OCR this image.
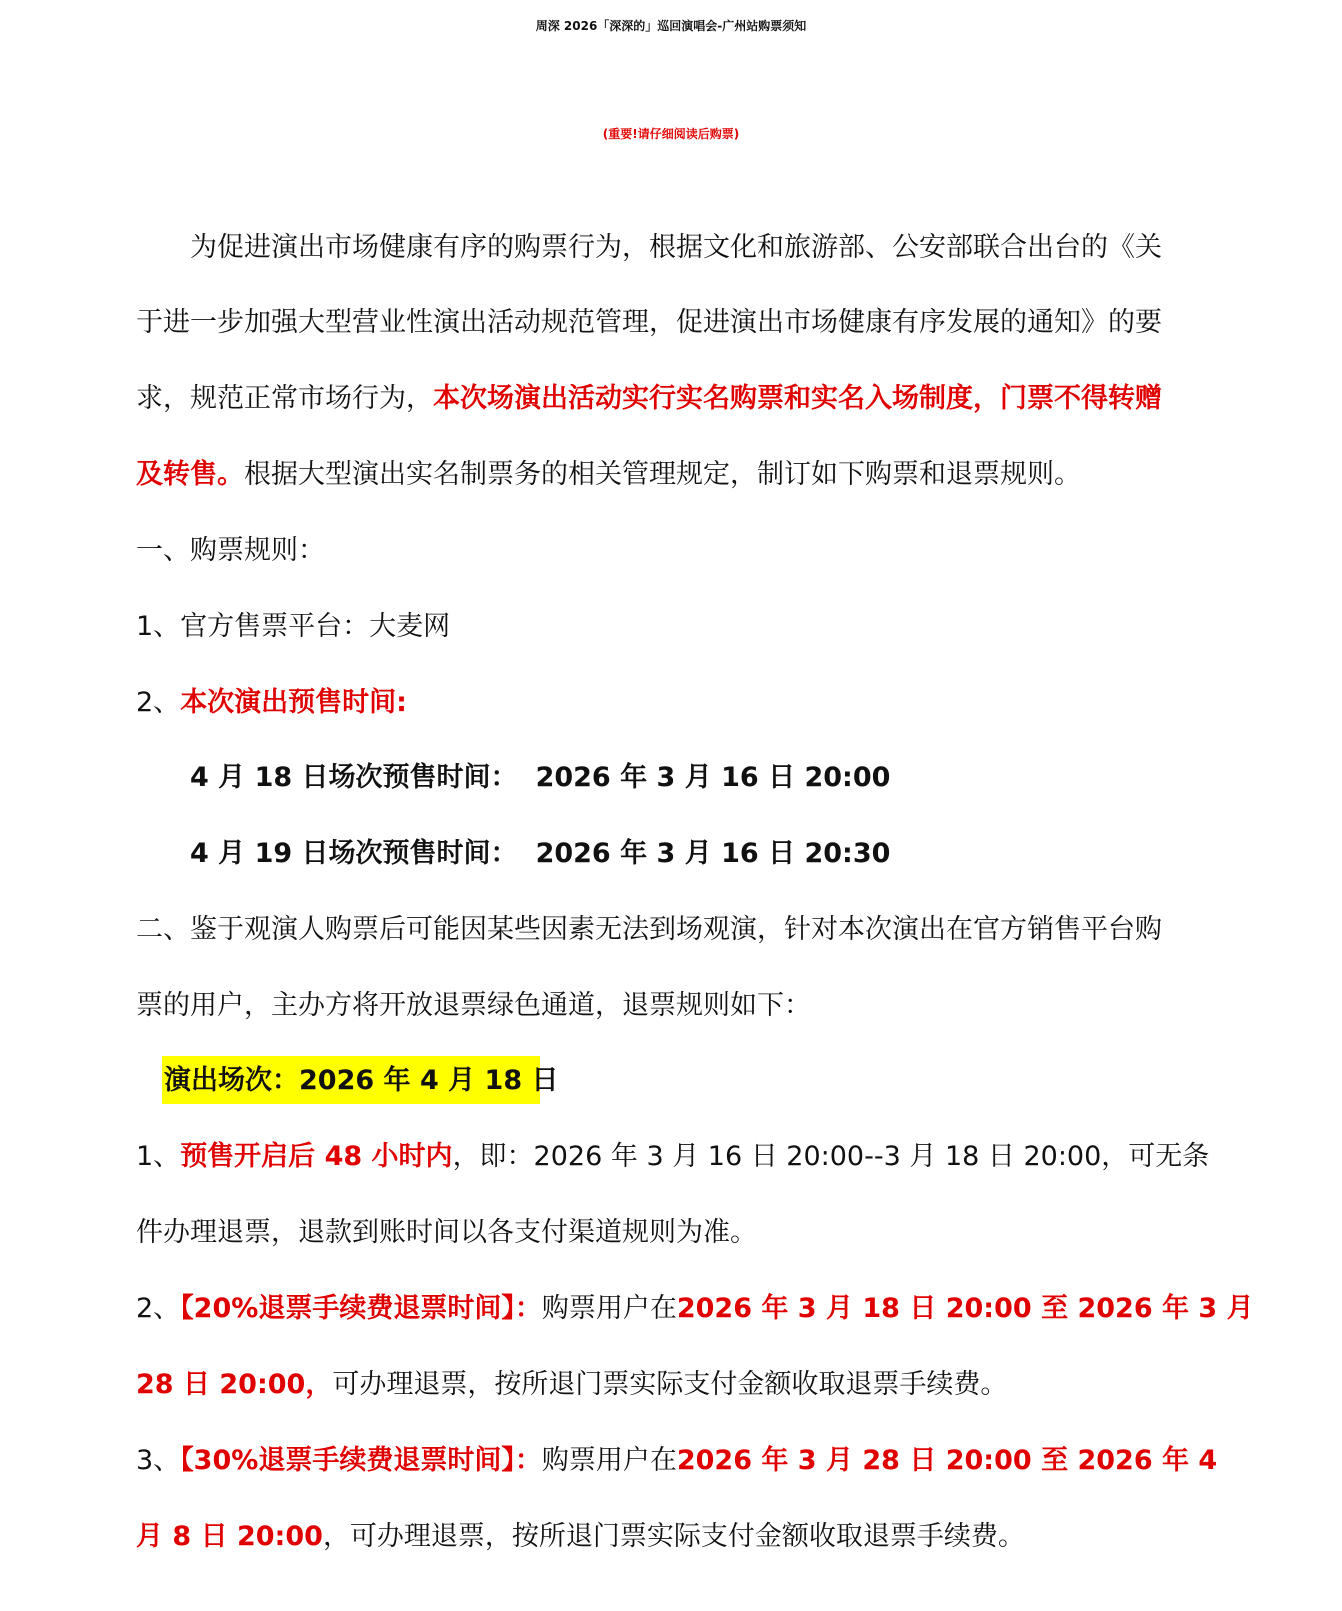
周深 2026「深深的」巡回演唱会-广州站购票须知
(重要!请仔细阅读后购票)
为促进演出市场健康有序的购票行为，根据文化和旅游部、公安部联合出台的《关
于进一步加强大型营业性演出活动规范管理，促进演出市场健康有序发展的通知》的要
求，规范正常市场行为，本次场演出活动实行实名购票和实名入场制度，门票不得转赠
及转售。根据大型演出实名制票务的相关管理规定，制订如下购票和退票规则。
一、购票规则：
1、官方售票平台：大麦网
2、本次演出预售时间:
4 月 18 日场次预售时间： 2026 年 3 月 16 日 20:00
4 月 19 日场次预售时间： 2026 年 3 月 16 日 20:30
二、鉴于观演人购票后可能因某些因素无法到场观演，针对本次演出在官方销售平台购
票的用户，主办方将开放退票绿色通道，退票规则如下：
演出场次：2026 年 4 月 18 日
1、预售开启后 48 小时内，即：2026 年 3 月 16 日 20:00--3 月 18 日 20:00，可无条
件办理退票，退款到账时间以各支付渠道规则为准。
2、【20%退票手续费退票时间】：购票用户在2026 年 3 月 18 日 20:00 至 2026 年 3 月
28 日 20:00，可办理退票，按所退门票实际支付金额收取退票手续费。
3、【30%退票手续费退票时间】：购票用户在2026 年 3 月 28 日 20:00 至 2026 年 4
月 8 日 20:00，可办理退票，按所退门票实际支付金额收取退票手续费。
